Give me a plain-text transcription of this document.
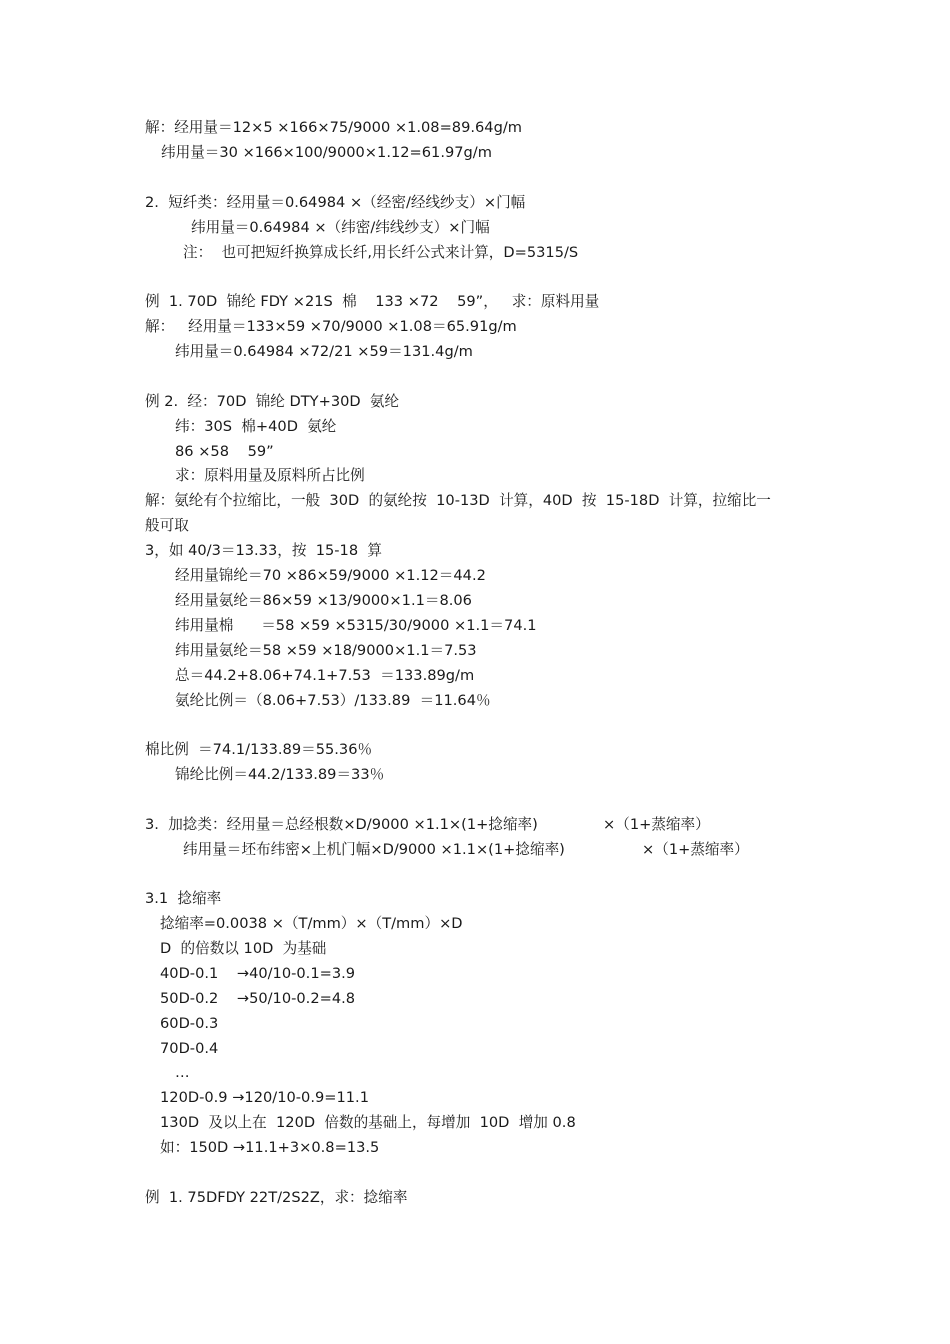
解：经用量＝12×5 ×166×75/9000 ×1.08=89.64g/m
纬用量＝30 ×166×100/9000×1.12=61.97g/m
2.  短纤类：经用量＝0.64984 ×（经密/经线纱支）×门幅
纬用量＝0.64984 ×（纬密/纬线纱支）×门幅
注：  也可把短纤换算成长纤,用长纤公式来计算，D=5315/S
例  1. 70D  锦纶 FDY ×21S  棉    133 ×72    59”，   求：原料用量
解：   经用量＝133×59 ×70/9000 ×1.08＝65.91g/m
纬用量＝0.64984 ×72/21 ×59＝131.4g/m
例 2.  经：70D  锦纶 DTY+30D  氨纶
纬：30S  棉+40D  氨纶
86 ×58    59”
求：原料用量及原料所占比例
解：氨纶有个拉缩比，一般  30D  的氨纶按  10-13D  计算，40D  按  15-18D  计算，拉缩比一
般可取
3，如 40/3＝13.33，按  15-18  算
经用量锦纶＝70 ×86×59/9000 ×1.12＝44.2
经用量氨纶＝86×59 ×13/9000×1.1＝8.06
纬用量棉      ＝58 ×59 ×5315/30/9000 ×1.1＝74.1
纬用量氨纶＝58 ×59 ×18/9000×1.1＝7.53
总＝44.2+8.06+74.1+7.53  ＝133.89g/m
氨纶比例＝（8.06+7.53）/133.89  ＝11.64％
棉比例  ＝74.1/133.89＝55.36％
锦纶比例＝44.2/133.89＝33％
3.  加捻类：经用量＝总经根数×D/9000 ×1.1×(1+捻缩率)	×（1+蒸缩率）
纬用量＝坯布纬密×上机门幅×D/9000 ×1.1×(1+捻缩率)	×（1+蒸缩率）
3.1  捻缩率
捻缩率=0.0038 ×（T/mm）×（T/mm）×D
D  的倍数以 10D  为基础
40D-0.1    →40/10-0.1=3.9
50D-0.2    →50/10-0.2=4.8
60D-0.3
70D-0.4
…
120D-0.9 →120/10-0.9=11.1
130D  及以上在  120D  倍数的基础上，每增加  10D  增加 0.8
如：150D →11.1+3×0.8=13.5
例  1. 75DFDY 22T/2S2Z，求：捻缩率
